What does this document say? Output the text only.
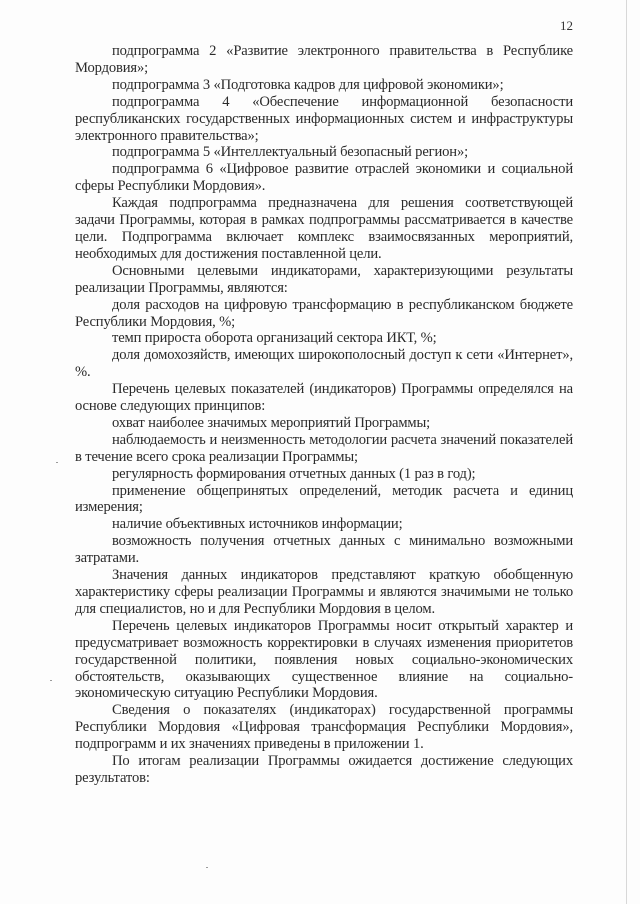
12

подпрограмма 2 «Развитие электронного правительства в Республике Мордовия»;

подпрограмма 3 «Подготовка кадров для цифровой экономики»;

подпрограмма 4 «Обеспечение информационной безопасности республиканских государственных информационных систем и инфраструктуры электронного правительства»;

подпрограмма 5 «Интеллектуальный безопасный регион»;

подпрограмма 6 «Цифровое развитие отраслей экономики и социальной сферы Республики Мордовия».

Каждая подпрограмма предназначена для решения соответствующей задачи Программы, которая в рамках подпрограммы рассматривается в качестве цели. Подпрограмма включает комплекс взаимосвязанных мероприятий, необходимых для достижения поставленной цели.

Основными целевыми индикаторами, характеризующими результаты реализации Программы, являются:

доля расходов на цифровую трансформацию в республиканском бюджете Республики Мордовия, %;

темп прироста оборота организаций сектора ИКТ, %;

доля домохозяйств, имеющих широкополосный доступ к сети «Интернет», %.

Перечень целевых показателей (индикаторов) Программы определялся на основе следующих принципов:

охват наиболее значимых мероприятий Программы;

наблюдаемость и неизменность методологии расчета значений показателей в течение всего срока реализации Программы;

регулярность формирования отчетных данных (1 раз в год);

применение общепринятых определений, методик расчета и единиц измерения;

наличие объективных источников информации;

возможность получения отчетных данных с минимально возможными затратами.

Значения данных индикаторов представляют краткую обобщенную характеристику сферы реализации Программы и являются значимыми не только для специалистов, но и для Республики Мордовия в целом.

Перечень целевых индикаторов Программы носит открытый характер и предусматривает возможность корректировки в случаях изменения приоритетов государственной политики, появления новых социально-экономических обстоятельств, оказывающих существенное влияние на социально-экономическую ситуацию Республики Мордовия.

Сведения о показателях (индикаторах) государственной программы Республики Мордовия «Цифровая трансформация Республики Мордовия», подпрограмм и их значениях приведены в приложении 1.

По итогам реализации Программы ожидается достижение следующих результатов:
